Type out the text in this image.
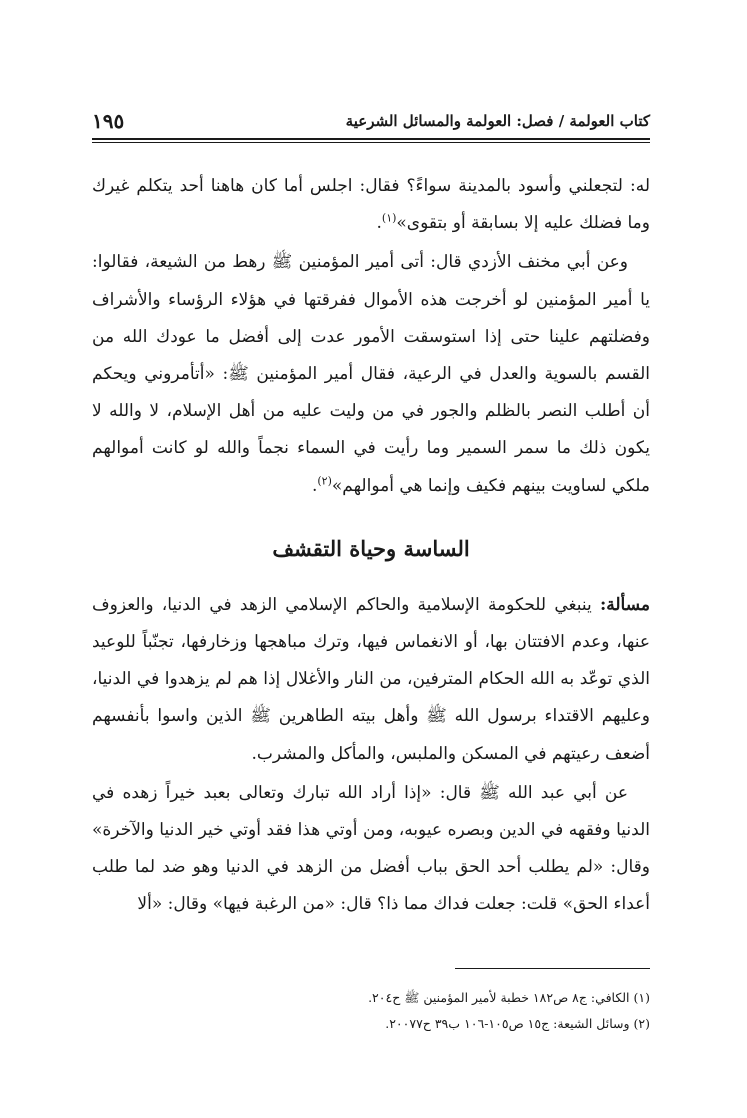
كتاب العولمة / فصل: العولمة والمسائل الشرعية
١٩٥

له: لتجعلني وأسود بالمدينة سواءً؟ فقال: اجلس أما كان هاهنا أحد يتكلم غيرك وما فضلك عليه إلا بسابقة أو بتقوى»$^{(١)}$.

وعن أبي مخنف الأزدي قال: أتى أمير المؤمنين ﷺ رهط من الشيعة، فقالوا: يا أمير المؤمنين لو أخرجت هذه الأموال ففرقتها في هؤلاء الرؤساء والأشراف وفضلتهم علينا حتى إذا استوسقت الأمور عدت إلى أفضل ما عودك الله من القسم بالسوية والعدل في الرعية، فقال أمير المؤمنين ﷺ: «أتأمروني ويحكم أن أطلب النصر بالظلم والجور في من وليت عليه من أهل الإسلام، لا والله لا يكون ذلك ما سمر السمير وما رأيت في السماء نجماً والله لو كانت أموالهم ملكي لساويت بينهم فكيف وإنما هي أموالهم»$^{(٢)}$.

الساسة وحياة التقشف

مسألة: ينبغي للحكومة الإسلامية والحاكم الإسلامي الزهد في الدنيا، والعزوف عنها، وعدم الافتتان بها، أو الانغماس فيها، وترك مباهجها وزخارفها، تجنّباً للوعيد الذي توعّد به الله الحكام المترفين، من النار والأغلال إذا هم لم يزهدوا في الدنيا، وعليهم الاقتداء برسول الله ﷺ وأهل بيته الطاهرين ﷺ الذين واسوا بأنفسهم أضعف رعيتهم في المسكن والملبس، والمأكل والمشرب.

عن أبي عبد الله ﷺ قال: «إذا أراد الله تبارك وتعالى بعبد خيراً زهده في الدنيا وفقهه في الدين وبصره عيوبه، ومن أوتي هذا فقد أوتي خير الدنيا والآخرة» وقال: «لم يطلب أحد الحق بباب أفضل من الزهد في الدنيا وهو ضد لما طلب أعداء الحق» قلت: جعلت فداك مما ذا؟ قال: «من الرغبة فيها» وقال: «ألا

(١) الكافي: ج٨ ص١٨٢ خطبة لأمير المؤمنين ﷺ ح٢٠٤.

(٢) وسائل الشيعة: ج١٥ ص١٠٥-١٠٦ ب٣٩ ح٢٠٠٧٧.
